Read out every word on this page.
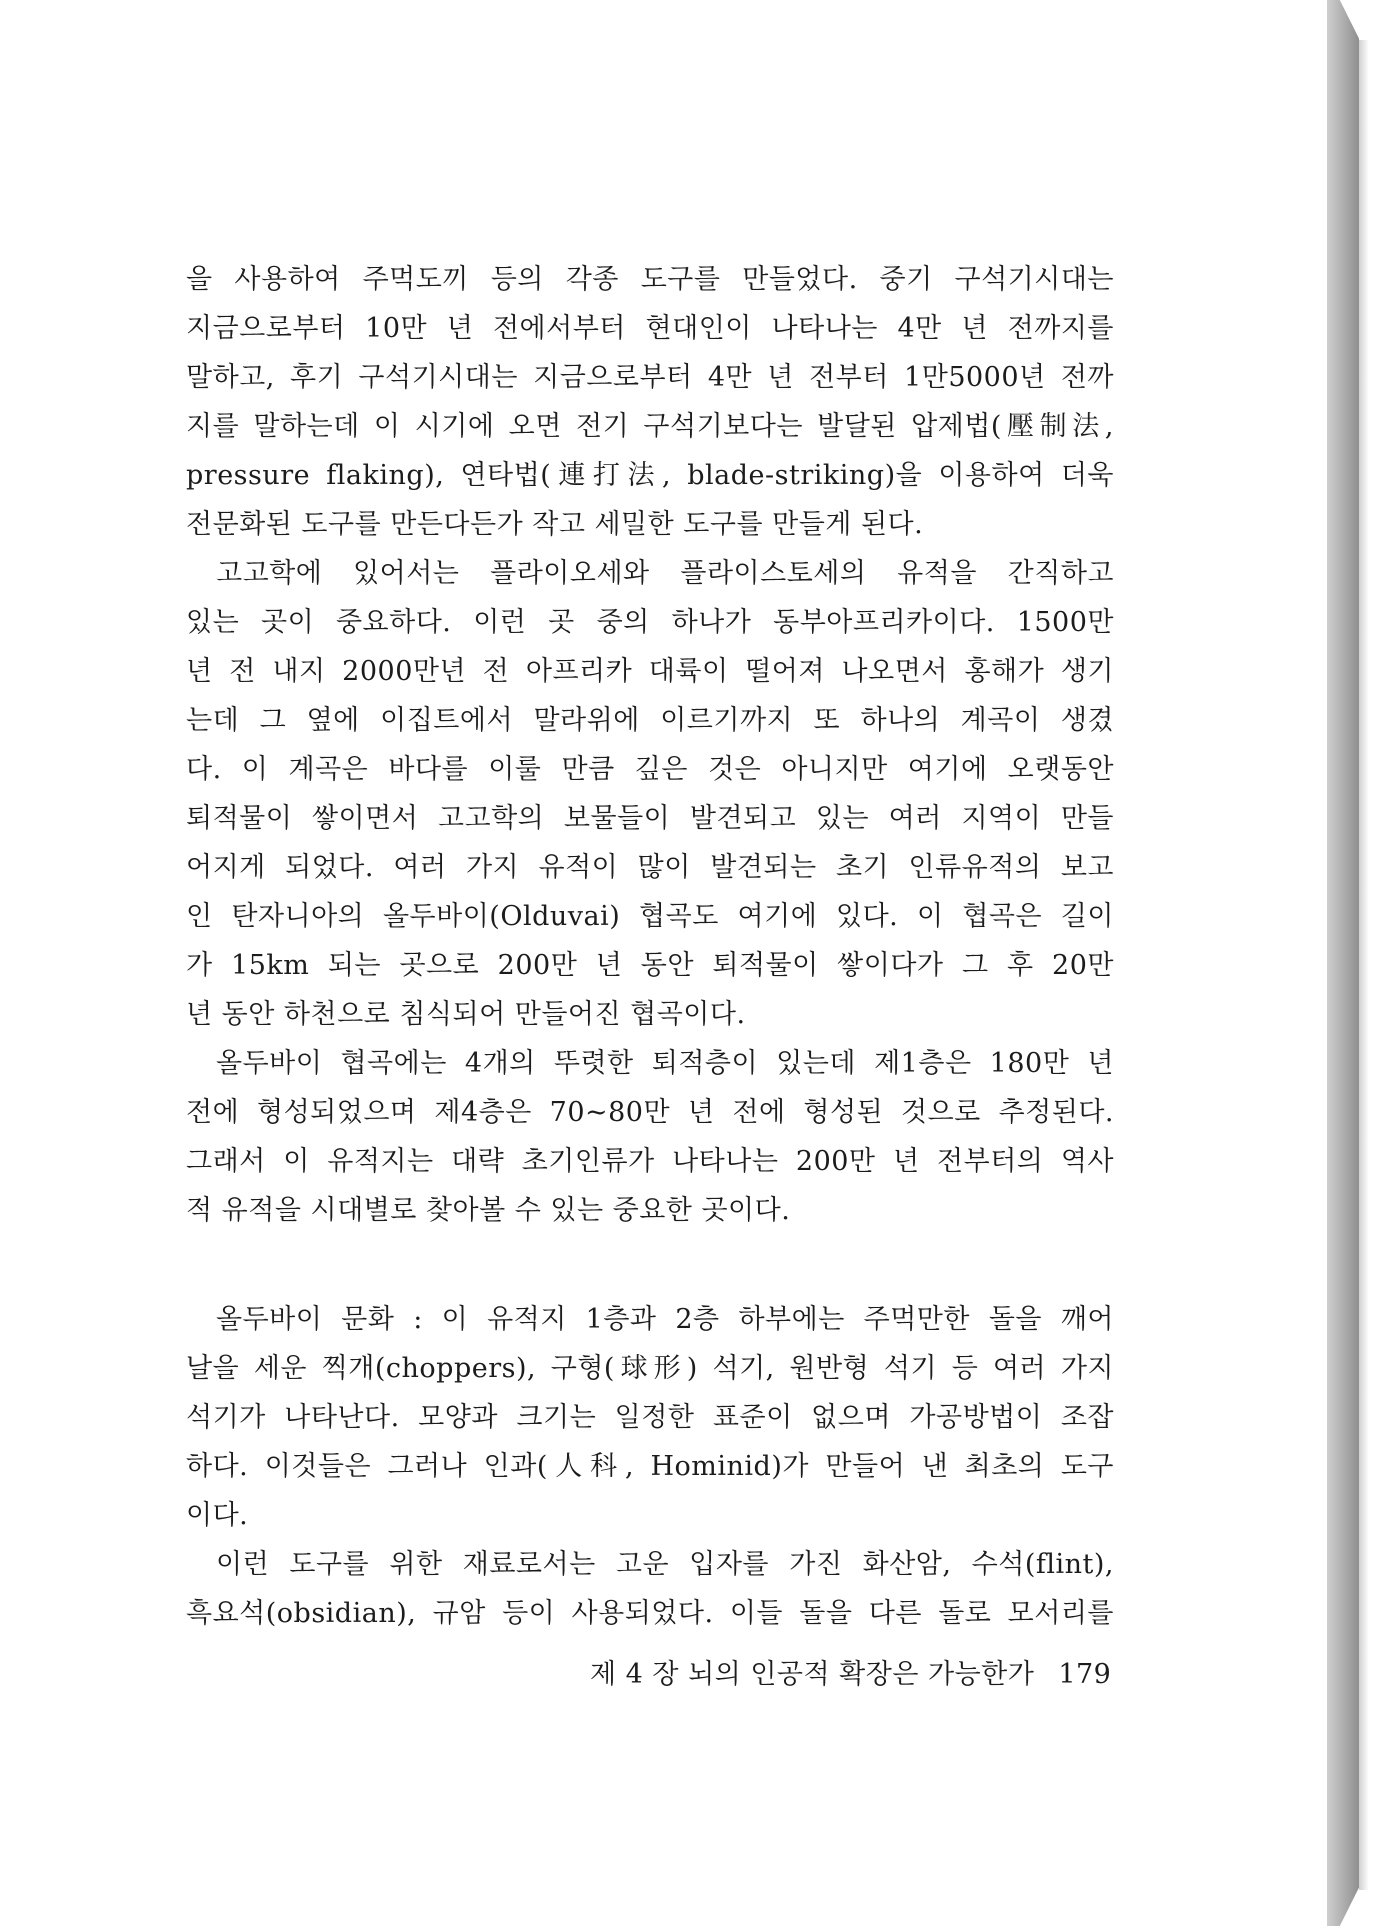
을 사용하여 주먹도끼 등의 각종 도구를 만들었다. 중기 구석기시대는
지금으로부터 10만 년 전에서부터 현대인이 나타나는 4만 년 전까지를
말하고, 후기 구석기시대는 지금으로부터 4만 년 전부터 1만5000년 전까
지를 말하는데 이 시기에 오면 전기 구석기보다는 발달된 압제법(壓制法,
pressure flaking), 연타법(連打法, blade-striking)을 이용하여 더욱
전문화된 도구를 만든다든가 작고 세밀한 도구를 만들게 된다.
고고학에 있어서는 플라이오세와 플라이스토세의 유적을 간직하고
있는 곳이 중요하다. 이런 곳 중의 하나가 동부아프리카이다. 1500만
년 전 내지 2000만년 전 아프리카 대륙이 떨어져 나오면서 홍해가 생기
는데 그 옆에 이집트에서 말라위에 이르기까지 또 하나의 계곡이 생겼
다. 이 계곡은 바다를 이룰 만큼 깊은 것은 아니지만 여기에 오랫동안
퇴적물이 쌓이면서 고고학의 보물들이 발견되고 있는 여러 지역이 만들
어지게 되었다. 여러 가지 유적이 많이 발견되는 초기 인류유적의 보고
인 탄자니아의 올두바이(Olduvai) 협곡도 여기에 있다. 이 협곡은 길이
가 15km 되는 곳으로 200만 년 동안 퇴적물이 쌓이다가 그 후 20만
년 동안 하천으로 침식되어 만들어진 협곡이다.
올두바이 협곡에는 4개의 뚜렷한 퇴적층이 있는데 제1층은 180만 년
전에 형성되었으며 제4층은 70~80만 년 전에 형성된 것으로 추정된다.
그래서 이 유적지는 대략 초기인류가 나타나는 200만 년 전부터의 역사
적 유적을 시대별로 찾아볼 수 있는 중요한 곳이다.
올두바이 문화 : 이 유적지 1층과 2층 하부에는 주먹만한 돌을 깨어
날을 세운 찍개(choppers), 구형(球形) 석기, 원반형 석기 등 여러 가지
석기가 나타난다. 모양과 크기는 일정한 표준이 없으며 가공방법이 조잡
하다. 이것들은 그러나 인과(人科, Hominid)가 만들어 낸 최초의 도구
이다.
이런 도구를 위한 재료로서는 고운 입자를 가진 화산암, 수석(flint),
흑요석(obsidian), 규암 등이 사용되었다. 이들 돌을 다른 돌로 모서리를
제 4 장 뇌의 인공적 확장은 가능한가 179
